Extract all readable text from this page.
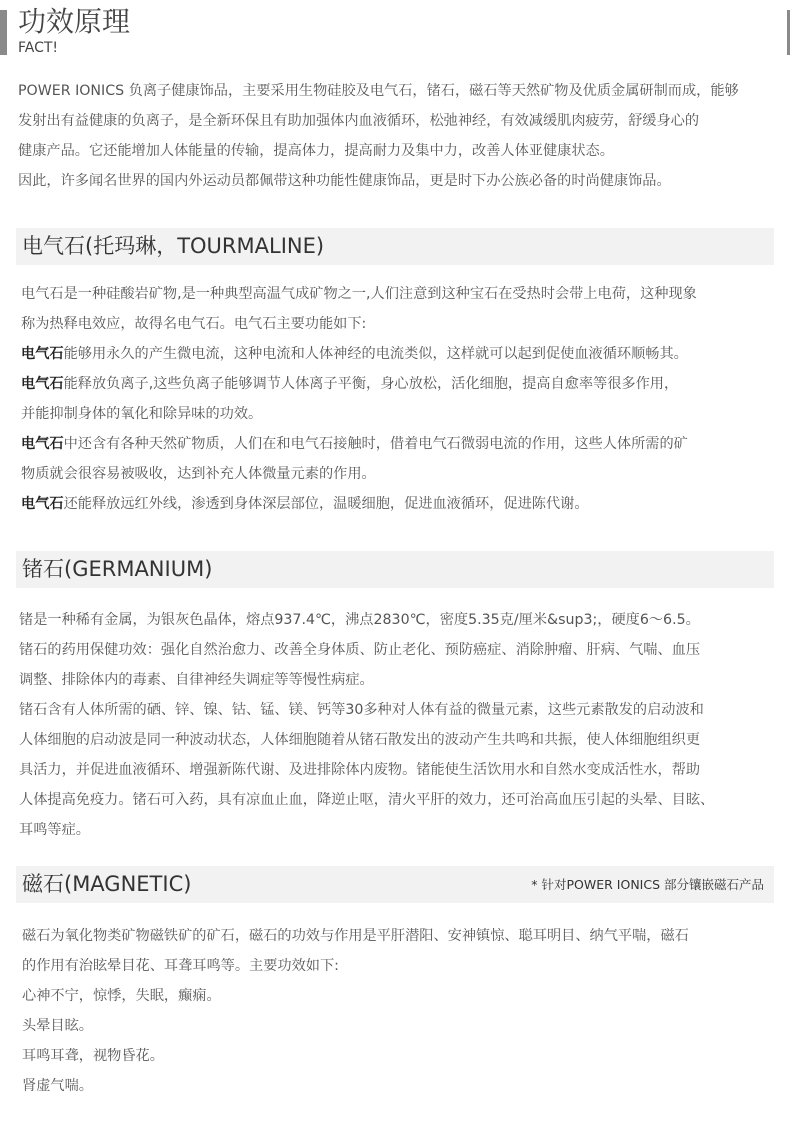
功效原理
FACT!

POWER IONICS 负离子健康饰品，主要采用生物硅胶及电气石，锗石，磁石等天然矿物及优质金属研制而成，能够

发射出有益健康的负离子，是全新环保且有助加强体内血液循环，松弛神经，有效减缓肌肉疲劳，舒缓身心的

健康产品。它还能增加人体能量的传输，提高体力，提高耐力及集中力，改善人体亚健康状态。

因此，许多闻名世界的国内外运动员都佩带这种功能性健康饰品，更是时下办公族必备的时尚健康饰品。

电气石(托玛琳，TOURMALINE)

电气石是一种硅酸岩矿物,是一种典型高温气成矿物之一,人们注意到这种宝石在受热时会带上电荷，这种现象

称为热释电效应，故得名电气石。电气石主要功能如下:

电气石能够用永久的产生微电流，这种电流和人体神经的电流类似，这样就可以起到促使血液循环顺畅其。

电气石能释放负离子,这些负离子能够调节人体离子平衡，身心放松，活化细胞，提高自愈率等很多作用，

并能抑制身体的氧化和除异味的功效。

电气石中还含有各种天然矿物质，人们在和电气石接触时，借着电气石微弱电流的作用，这些人体所需的矿

物质就会很容易被吸收，达到补充人体微量元素的作用。

电气石还能释放远红外线，渗透到身体深层部位，温暖细胞，促进血液循环，促进陈代谢。

锗石(GERMANIUM)

锗是一种稀有金属，为银灰色晶体，熔点937.4℃，沸点2830℃，密度5.35克/厘米&sup3;，硬度6～6.5。

锗石的药用保健功效：强化自然治愈力、改善全身体质、防止老化、预防癌症、消除肿瘤、肝病、气喘、血压

调整、排除体内的毒素、自律神经失调症等等慢性病症。

锗石含有人体所需的硒、锌、镍、钴、锰、镁、钙等30多种对人体有益的微量元素，这些元素散发的启动波和

人体细胞的启动波是同一种波动状态，人体细胞随着从锗石散发出的波动产生共鸣和共振，使人体细胞组织更

具活力，并促进血液循环、增强新陈代谢、及进排除体内废物。锗能使生活饮用水和自然水变成活性水，帮助

人体提高免疫力。锗石可入药，具有凉血止血，降逆止呕，清火平肝的效力，还可治高血压引起的头晕、目眩、

耳鸣等症。

磁石(MAGNETIC)	* 针对POWER IONICS 部分镶嵌磁石产品

磁石为氧化物类矿物磁铁矿的矿石，磁石的功效与作用是平肝潜阳、安神镇惊、聪耳明目、纳气平喘，磁石

的作用有治眩晕目花、耳聋耳鸣等。主要功效如下:

心神不宁，惊悸，失眠，癫痫。

头晕目眩。

耳鸣耳聋，视物昏花。

肾虚气喘。
